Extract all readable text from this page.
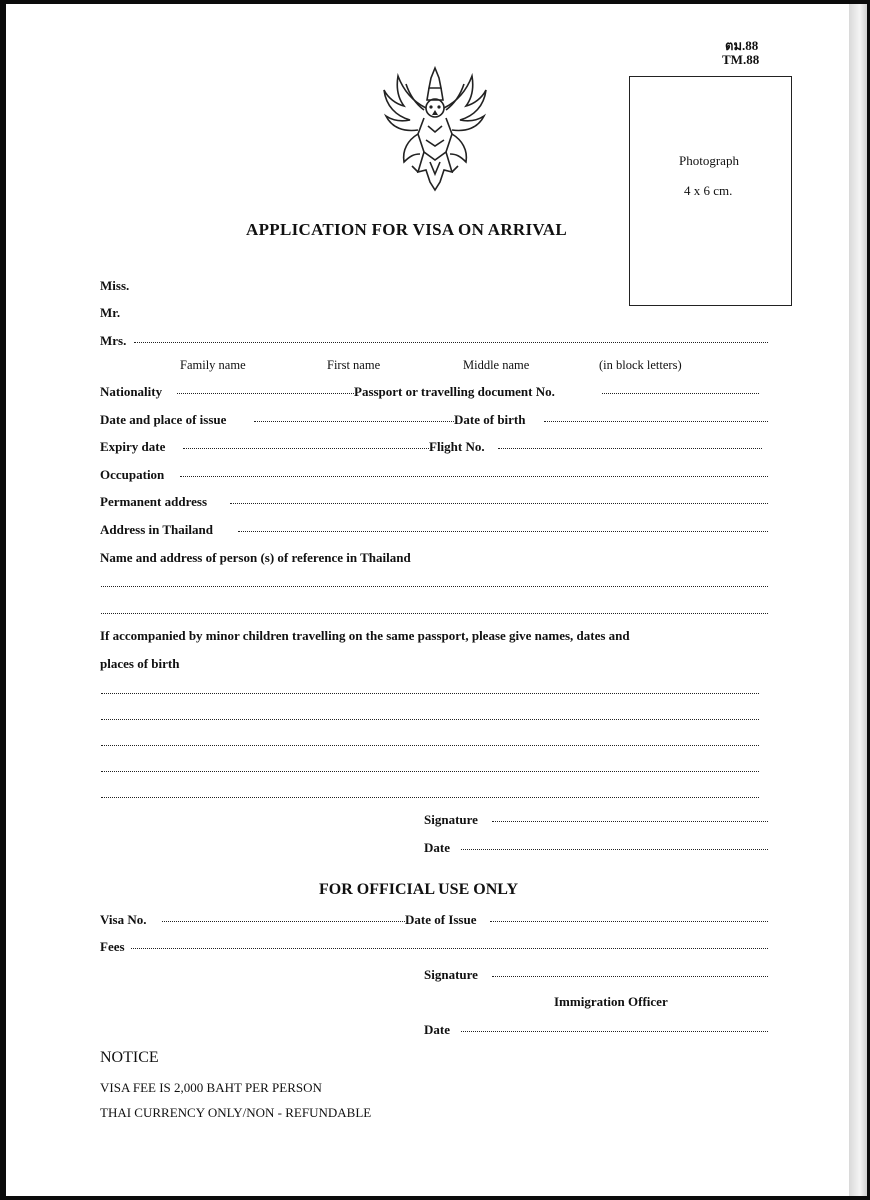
ตม.88
TM.88
Photograph
4 x 6 cm.
APPLICATION FOR VISA ON ARRIVAL
Miss.
Mr.
Mrs.
Family name	First name	Middle name	(in block letters)
Nationality	Passport or travelling document No.
Date and place of issue	Date of birth
Expiry date	Flight No.
Occupation
Permanent address
Address in Thailand
Name and address of person (s) of reference in Thailand
If accompanied by minor children travelling on the same passport, please give names, dates and
places of birth
Signature
Date
FOR OFFICIAL USE ONLY
Visa No.	Date of Issue
Fees
Signature
Immigration Officer
Date
NOTICE
VISA FEE IS 2,000 BAHT PER PERSON
THAI CURRENCY ONLY/NON - REFUNDABLE
